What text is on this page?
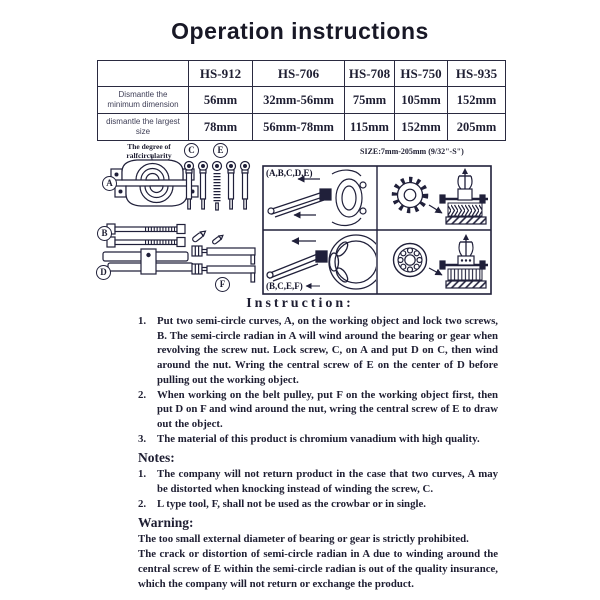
Operation instructions
	HS-912	HS-706	HS-708	HS-750	HS-935
Dismantle the minimum dimension	56mm	32mm-56mm	75mm	105mm	152mm
dismantle the largest size	78mm	56mm-78mm	115mm	152mm	205mm
The degree of
ralfcircularity
A
B
C
D
E
F
SIZE:7mm-205mm (9/32"-S")
(A,B,C,D,E)
(B,C,E,F)
Instruction:
1.	Put two semi-circle curves, A, on the working object and lock two screws, B. The semi-circle radian in A will wind around the bearing or gear when revolving the screw nut. Lock screw, C, on A and put D on C, then wind around the nut. Wring the central screw of E on the center of D before pulling out the working object.
2.	When working on the belt pulley, put F on the working object first, then put D on F and wind around the nut, wring the central screw of E to draw out the object.
3.	The material of this product is chromium vanadium with high quality.
Notes:
1.	The company will not return product in the case that two curves, A may be distorted when knocking instead of winding the screw, C.
2.	L type tool, F, shall not be used as the crowbar or in single.
Warning:
The too small external diameter of bearing or gear is strictly prohibited.
The crack or distortion of semi-circle radian in A due to winding around the central screw of E within the semi-circle radian is out of the quality insurance, which the company will not return or exchange the product.
